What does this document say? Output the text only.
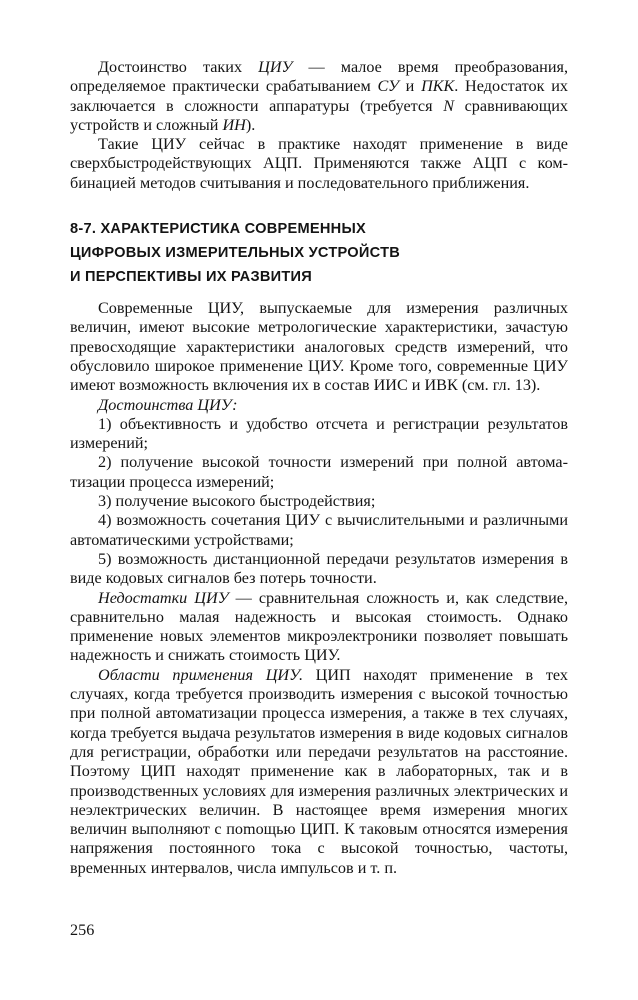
Достоинство таких ЦИУ — малое время преобразования, определяемое практически срабатыванием СУ и ПКК. Недостаток их заключается в сложности аппаратуры (требуется N сравнивающих устройств и сложный ИН).

Такие ЦИУ сейчас в практике находят применение в виде сверхбыстродействующих АЦП. Применяются также АЦП с комбинацией методов считывания и последовательного приближения.

8-7. ХАРАКТЕРИСТИКА СОВРЕМЕННЫХ
ЦИФРОВЫХ ИЗМЕРИТЕЛЬНЫХ УСТРОЙСТВ
И ПЕРСПЕКТИВЫ ИХ РАЗВИТИЯ

Современные ЦИУ, выпускаемые для измерения различных величин, имеют высокие метрологические характеристики, зачастую превосходящие характеристики аналоговых средств измерений, что обусловило широкое применение ЦИУ. Кроме того, современные ЦИУ имеют возможность включения их в состав ИИС и ИВК (см. гл. 13).

Достоинства ЦИУ:

1) объективность и удобство отсчета и регистрации результатов измерений;

2) получение высокой точности измерений при полной автоматизации процесса измерений;

3) получение высокого быстродействия;

4) возможность сочетания ЦИУ с вычислительными и различными автоматическими устройствами;

5) возможность дистанционной передачи результатов измерения в виде кодовых сигналов без потерь точности.

Недостатки ЦИУ — сравнительная сложность и, как следствие, сравнительно малая надежность и высокая стоимость. Однако применение новых элементов микроэлектроники позволяет повышать надежность и снижать стоимость ЦИУ.

Области применения ЦИУ. ЦИП находят применение в тех случаях, когда требуется производить измерения с высокой точностью при полной автоматизации процесса измерения, а также в тех случаях, когда требуется выдача результатов измерения в виде кодовых сигналов для регистрации, обработки или передачи результатов на расстояние. Поэтому ЦИП находят применение как в лабораторных, так и в производственных условиях для измерения различных электрических и неэлектрических величин. В настоящее время измерения многих величин выполняют с поmощью ЦИП. К таковым относятся измерения напряжения постоянного тока с высокой точностью, частоты, временных интервалов, числа импульсов и т. п.

256
